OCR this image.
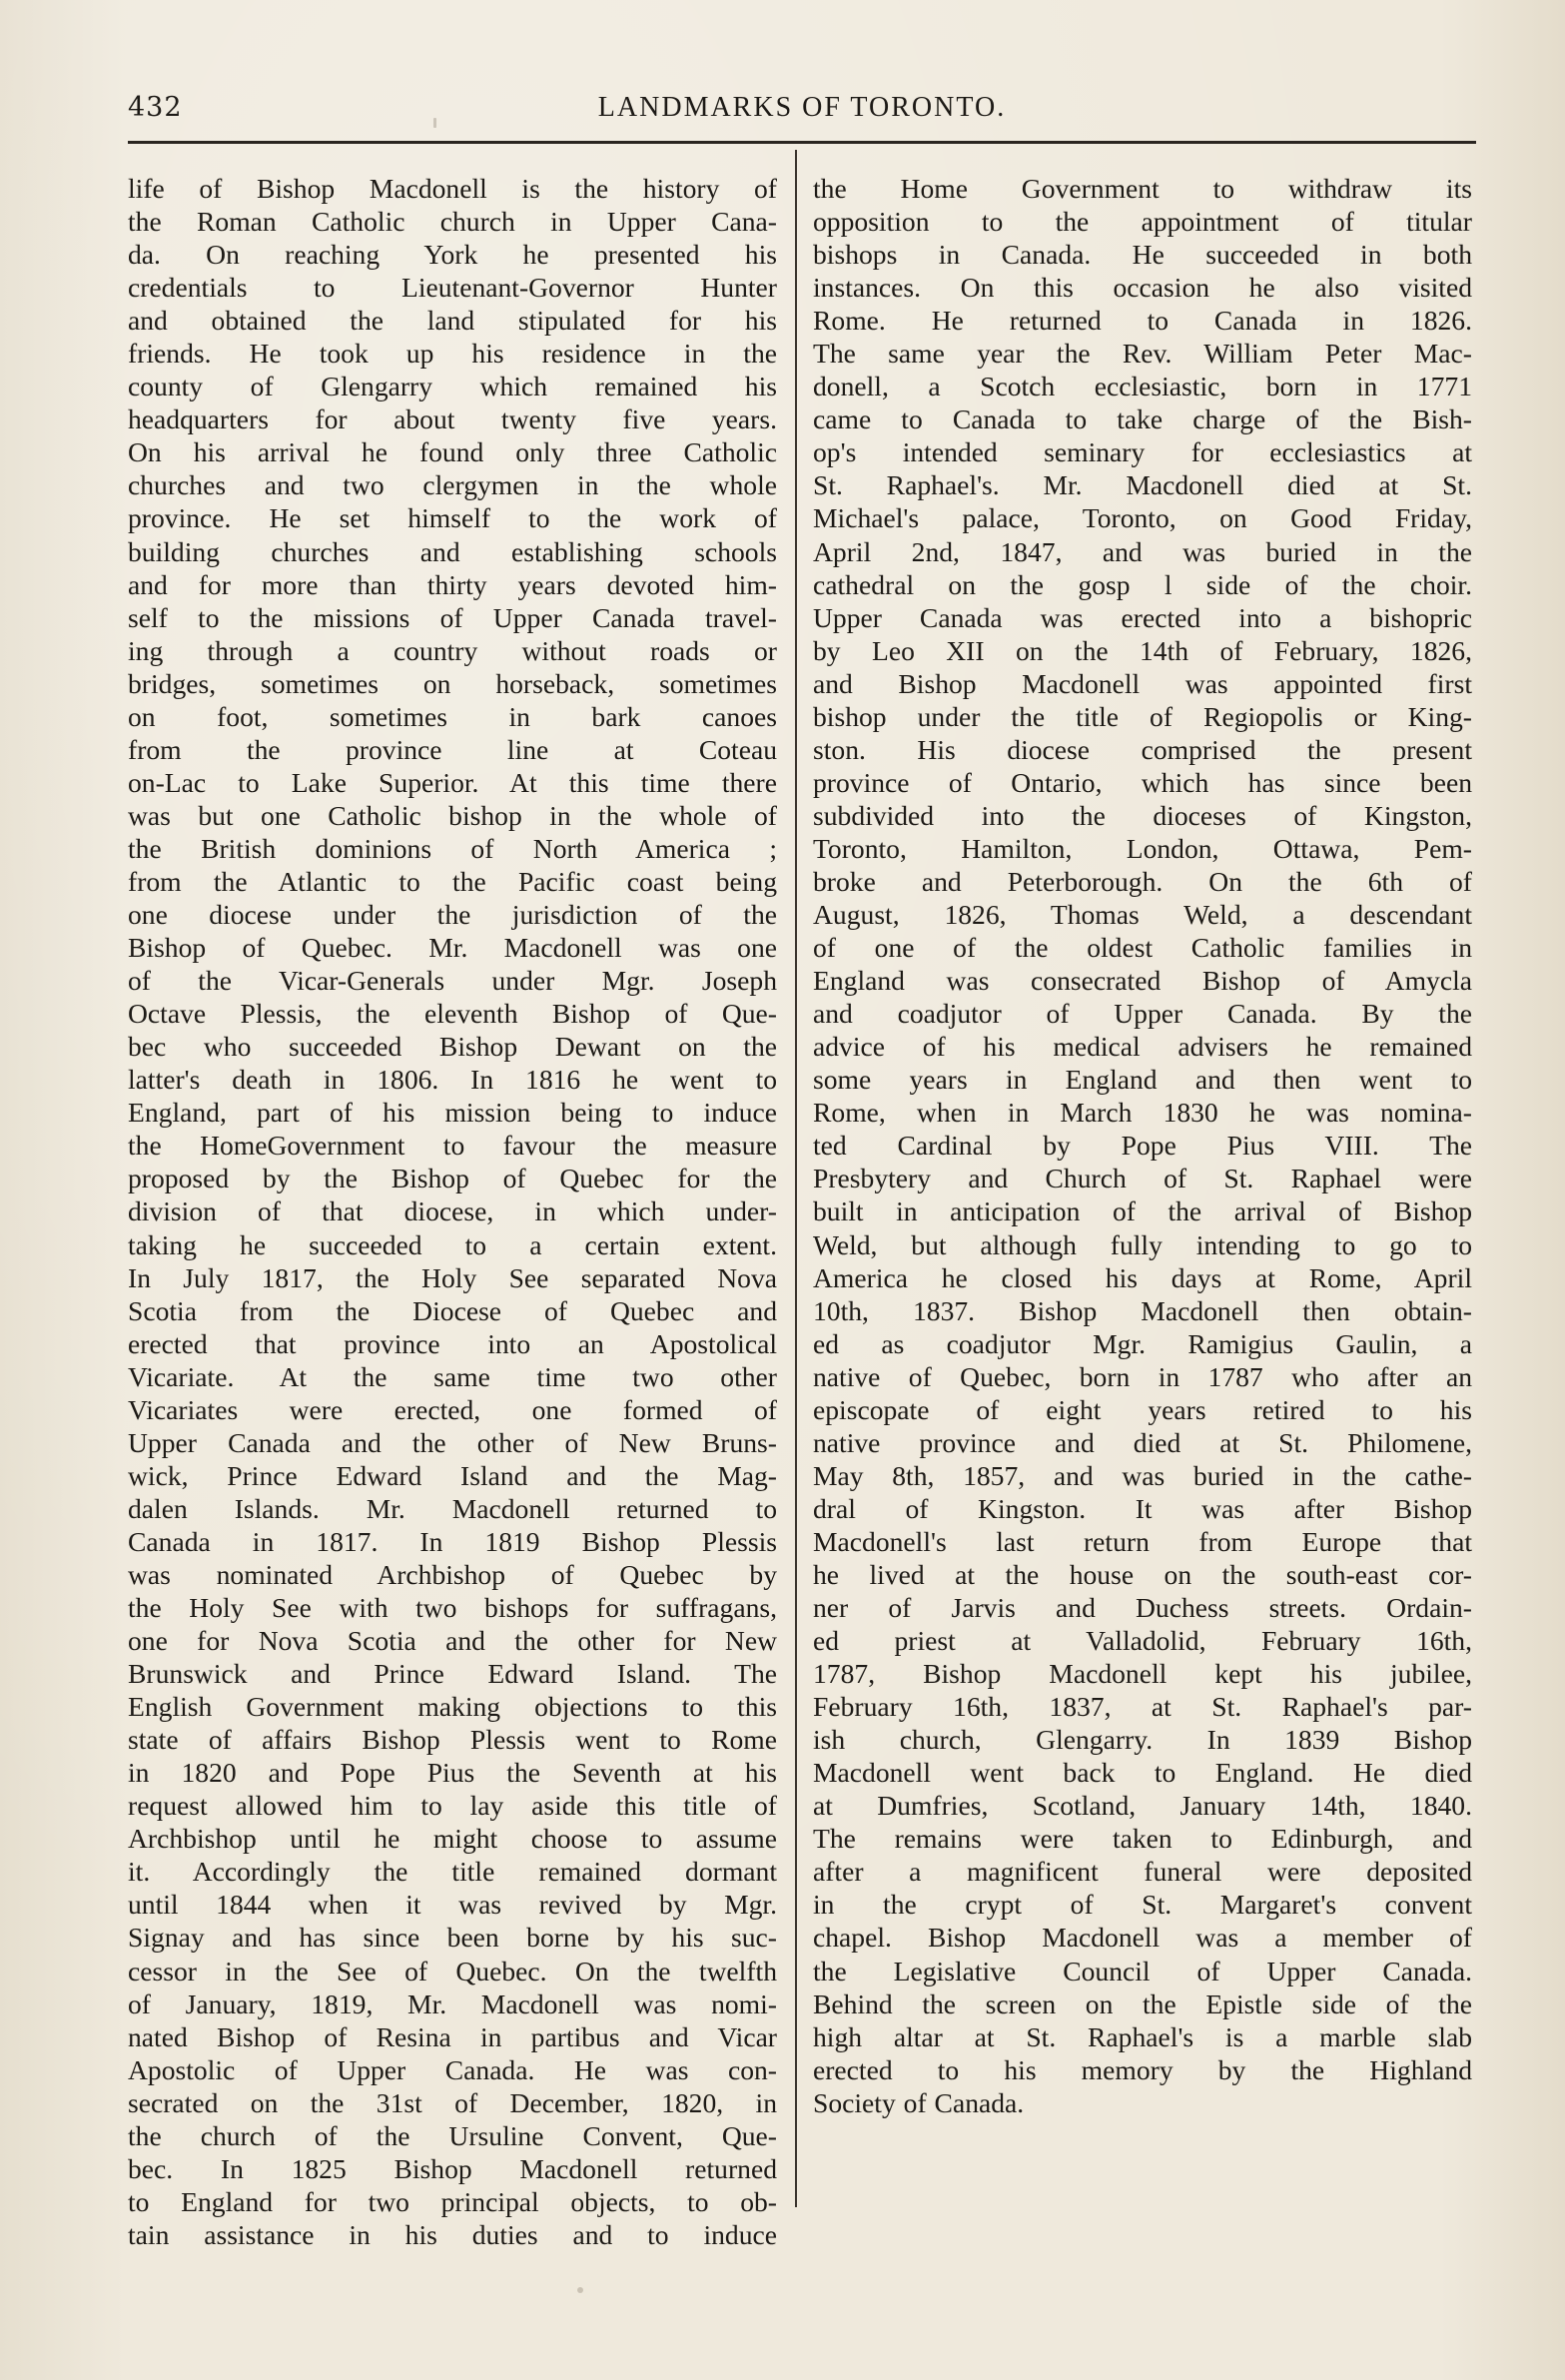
432	LANDMARKS OF TORONTO.
life of Bishop Macdonell is the history of
the Roman Catholic church in Upper Cana-
da. On reaching York he presented his
credentials to Lieutenant-Governor Hunter
and obtained the land stipulated for his
friends. He took up his residence in the
county of Glengarry which remained his
headquarters for about twenty five years.
On his arrival he found only three Catholic
churches and two clergymen in the whole
province. He set himself to the work of
building churches and establishing schools
and for more than thirty years devoted him-
self to the missions of Upper Canada travel-
ing through a country without roads or
bridges, sometimes on horseback, sometimes
on foot, sometimes in bark canoes
from the province line at Coteau
on-Lac to Lake Superior. At this time there
was but one Catholic bishop in the whole of
the British dominions of North America ;
from the Atlantic to the Pacific coast being
one diocese under the jurisdiction of the
Bishop of Quebec. Mr. Macdonell was one
of the Vicar-Generals under Mgr. Joseph
Octave Plessis, the eleventh Bishop of Que-
bec who succeeded Bishop Dewant on the
latter's death in 1806. In 1816 he went to
England, part of his mission being to induce
the HomeGovernment to favour the measure
proposed by the Bishop of Quebec for the
division of that diocese, in which under-
taking he succeeded to a certain extent.
In July 1817, the Holy See separated Nova
Scotia from the Diocese of Quebec and
erected that province into an Apostolical
Vicariate. At the same time two other
Vicariates were erected, one formed of
Upper Canada and the other of New Bruns-
wick, Prince Edward Island and the Mag-
dalen Islands. Mr. Macdonell returned to
Canada in 1817. In 1819 Bishop Plessis
was nominated Archbishop of Quebec by
the Holy See with two bishops for suffragans,
one for Nova Scotia and the other for New
Brunswick and Prince Edward Island. The
English Government making objections to this
state of affairs Bishop Plessis went to Rome
in 1820 and Pope Pius the Seventh at his
request allowed him to lay aside this title of
Archbishop until he might choose to assume
it. Accordingly the title remained dormant
until 1844 when it was revived by Mgr.
Signay and has since been borne by his suc-
cessor in the See of Quebec. On the twelfth
of January, 1819, Mr. Macdonell was nomi-
nated Bishop of Resina in partibus and Vicar
Apostolic of Upper Canada. He was con-
secrated on the 31st of December, 1820, in
the church of the Ursuline Convent, Que-
bec. In 1825 Bishop Macdonell returned
to England for two principal objects, to ob-
tain assistance in his duties and to induce
the Home Government to withdraw its
opposition to the appointment of titular
bishops in Canada. He succeeded in both
instances. On this occasion he also visited
Rome. He returned to Canada in 1826.
The same year the Rev. William Peter Mac-
donell, a Scotch ecclesiastic, born in 1771
came to Canada to take charge of the Bish-
op's intended seminary for ecclesiastics at
St. Raphael's. Mr. Macdonell died at St.
Michael's palace, Toronto, on Good Friday,
April 2nd, 1847, and was buried in the
cathedral on the gosp l side of the choir.
Upper Canada was erected into a bishopric
by Leo XII on the 14th of February, 1826,
and Bishop Macdonell was appointed first
bishop under the title of Regiopolis or King-
ston. His diocese comprised the present
province of Ontario, which has since been
subdivided into the dioceses of Kingston,
Toronto, Hamilton, London, Ottawa, Pem-
broke and Peterborough. On the 6th of
August, 1826, Thomas Weld, a descendant
of one of the oldest Catholic families in
England was consecrated Bishop of Amycla
and coadjutor of Upper Canada. By the
advice of his medical advisers he remained
some years in England and then went to
Rome, when in March 1830 he was nomina-
ted Cardinal by Pope Pius VIII. The
Presbytery and Church of St. Raphael were
built in anticipation of the arrival of Bishop
Weld, but although fully intending to go to
America he closed his days at Rome, April
10th, 1837. Bishop Macdonell then obtain-
ed as coadjutor Mgr. Ramigius Gaulin, a
native of Quebec, born in 1787 who after an
episcopate of eight years retired to his
native province and died at St. Philomene,
May 8th, 1857, and was buried in the cathe-
dral of Kingston. It was after Bishop
Macdonell's last return from Europe that
he lived at the house on the south-east cor-
ner of Jarvis and Duchess streets. Ordain-
ed priest at Valladolid, February 16th,
1787, Bishop Macdonell kept his jubilee,
February 16th, 1837, at St. Raphael's par-
ish church, Glengarry. In 1839 Bishop
Macdonell went back to England. He died
at Dumfries, Scotland, January 14th, 1840.
The remains were taken to Edinburgh, and
after a magnificent funeral were deposited
in the crypt of St. Margaret's convent
chapel. Bishop Macdonell was a member of
the Legislative Council of Upper Canada.
Behind the screen on the Epistle side of the
high altar at St. Raphael's is a marble slab
erected to his memory by the Highland
Society of Canada.
